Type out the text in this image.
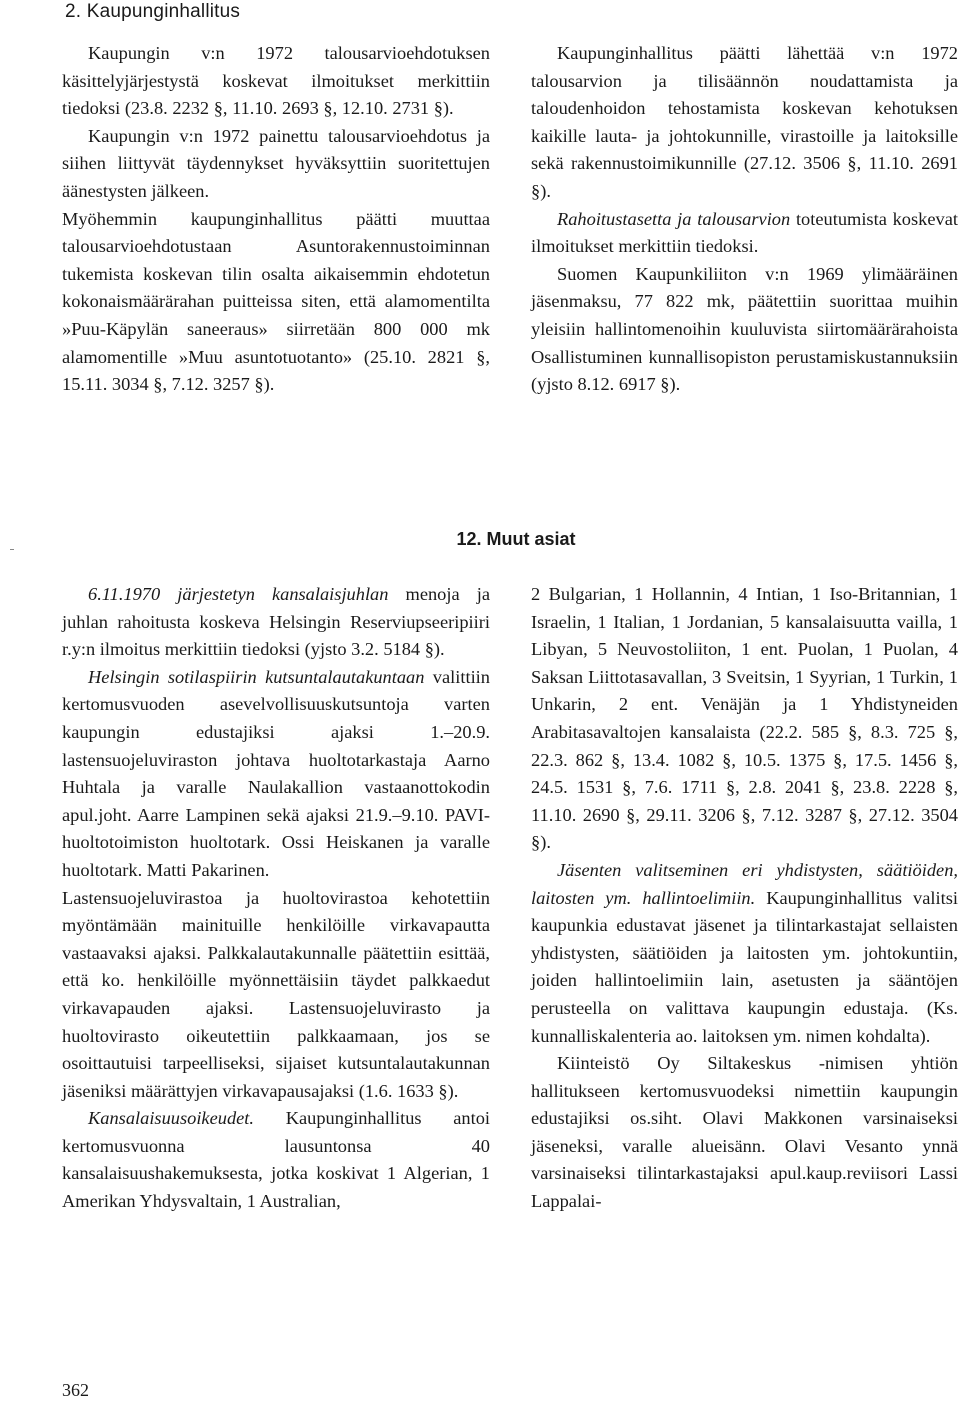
2. Kaupunginhallitus

Kaupungin v:n 1972 talousarvioehdotuksen käsittelyjärjestystä koskevat ilmoitukset merkittiin tiedoksi (23.8. 2232 §, 11.10. 2693 §, 12.10. 2731 §).

Kaupungin v:n 1972 painettu talousarvioehdotus ja siihen liittyvät täydennykset hyväksyttiin suoritettujen äänestysten jälkeen.

Myöhemmin kaupunginhallitus päätti muuttaa talousarvioehdotustaan Asuntorakennustoiminnan tukemista koskevan tilin osalta aikaisemmin ehdotetun kokonaismäärärahan puitteissa siten, että alamomentilta »Puu-Käpylän saneeraus» siirretään 800 000 mk alamomentille »Muu asuntotuotanto» (25.10. 2821 §, 15.11. 3034 §, 7.12. 3257 §).

Kaupunginhallitus päätti lähettää v:n 1972 talousarvion ja tilisäännön noudattamista ja taloudenhoidon tehostamista koskevan kehotuksen kaikille lauta- ja johtokunnille, virastoille ja laitoksille sekä rakennustoimikunnille (27.12. 3506 §, 11.10. 2691 §).

Rahoitustasetta ja talousarvion toteutumista koskevat ilmoitukset merkittiin tiedoksi.

Suomen Kaupunkiliiton v:n 1969 ylimääräinen jäsenmaksu, 77 822 mk, päätettiin suorittaa muihin yleisiin hallintomenoihin kuuluvista siirtomäärärahoista Osallistuminen kunnallisopiston perustamiskustannuksiin (yjsto 8.12. 6917 §).

12. Muut asiat

6.11.1970 järjestetyn kansalaisjuhlan menoja ja juhlan rahoitusta koskeva Helsingin Reserviupseeripiiri r.y:n ilmoitus merkittiin tiedoksi (yjsto 3.2. 5184 §).

Helsingin sotilaspiirin kutsuntalautakuntaan valittiin kertomusvuoden asevelvollisuuskutsuntoja varten kaupungin edustajiksi ajaksi 1.–20.9. lastensuojeluviraston johtava huoltotarkastaja Aarno Huhtala ja varalle Naulakallion vastaanottokodin apul.joht. Aarre Lampinen sekä ajaksi 21.9.–9.10. PAVI-huoltotoimiston huoltotark. Ossi Heiskanen ja varalle huoltotark. Matti Pakarinen.

Lastensuojeluvirastoa ja huoltovirastoa kehotettiin myöntämään mainituille henkilöille virkavapautta vastaavaksi ajaksi. Palkkalautakunnalle päätettiin esittää, että ko. henkilöille myönnettäisiin täydet palkkaedut virkavapauden ajaksi. Lastensuojeluvirasto ja huoltovirasto oikeutettiin palkkaamaan, jos se osoittautuisi tarpeelliseksi, sijaiset kutsuntalautakunnan jäseniksi määrättyjen virkavapausajaksi (1.6. 1633 §).

Kansalaisuusoikeudet. Kaupunginhallitus antoi kertomusvuonna lausuntonsa 40 kansalaisuushakemuksesta, jotka koskivat 1 Algerian, 1 Amerikan Yhdysvaltain, 1 Australian,

2 Bulgarian, 1 Hollannin, 4 Intian, 1 Iso-Britannian, 1 Israelin, 1 Italian, 1 Jordanian, 5 kansalaisuutta vailla, 1 Libyan, 5 Neuvostoliiton, 1 ent. Puolan, 1 Puolan, 4 Saksan Liittotasavallan, 3 Sveitsin, 1 Syyrian, 1 Turkin, 1 Unkarin, 2 ent. Venäjän ja 1 Yhdistyneiden Arabitasavaltojen kansalaista (22.2. 585 §, 8.3. 725 §, 22.3. 862 §, 13.4. 1082 §, 10.5. 1375 §, 17.5. 1456 §, 24.5. 1531 §, 7.6. 1711 §, 2.8. 2041 §, 23.8. 2228 §, 11.10. 2690 §, 29.11. 3206 §, 7.12. 3287 §, 27.12. 3504 §).

Jäsenten valitseminen eri yhdistysten, säätiöiden, laitosten ym. hallintoelimiin. Kaupunginhallitus valitsi kaupunkia edustavat jäsenet ja tilintarkastajat sellaisten yhdistysten, säätiöiden ja laitosten ym. johtokuntiin, joiden hallintoelimiin lain, asetusten ja sääntöjen perusteella on valittava kaupungin edustaja. (Ks. kunnalliskalenteria ao. laitoksen ym. nimen kohdalta).

Kiinteistö Oy Siltakeskus -nimisen yhtiön hallitukseen kertomusvuodeksi nimettiin kaupungin edustajiksi os.siht. Olavi Makkonen varsinaiseksi jäseneksi, varalle alueisänn. Olavi Vesanto ynnä varsinaiseksi tilintarkastajaksi apul.kaup.reviisori Lassi Lappalai-

362
